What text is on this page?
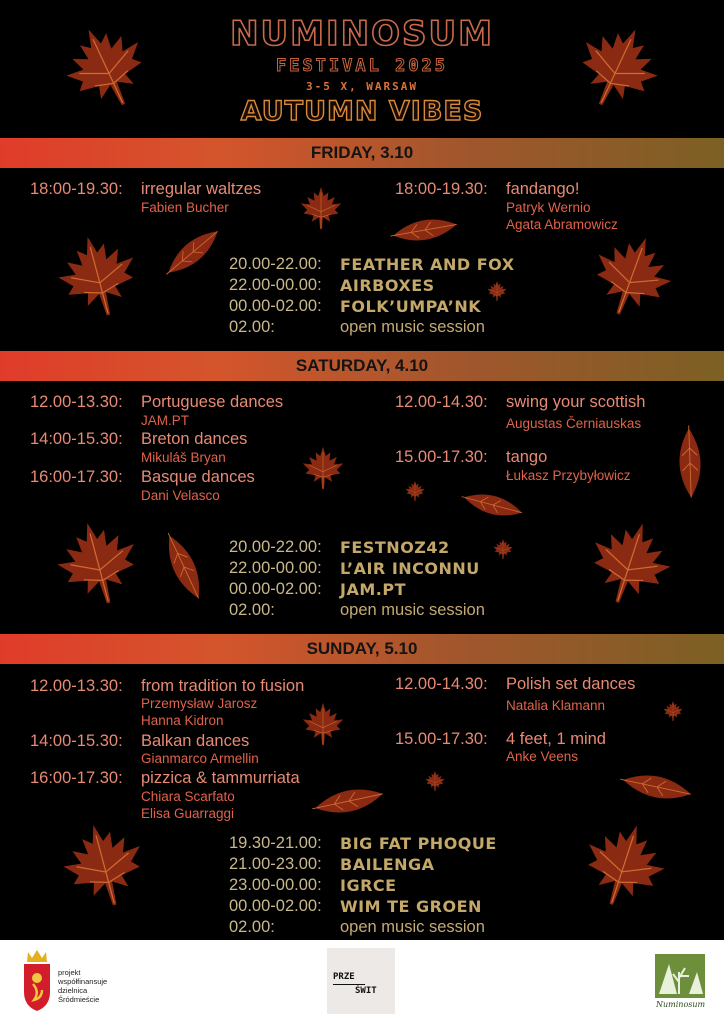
NUMINOSUM
FESTIVAL 2025
3-5 X, WARSAW
AUTUMN VIBES
FRIDAY, 3.10
18:00-19.30: irregular waltzes
Fabien Bucher
18:00-19.30: fandango!
Patryk Wernio
Agata Abramowicz
20.00-22.00: FEATHER AND FOX
22.00-00.00: AIRBOXES
00.00-02.00: FOLK’UMPA’NK
02.00:	open music session
SATURDAY, 4.10
12.00-13.30: Portuguese dances
JAM.PT
14:00-15.30: Breton dances
Mikuláš Bryan
16:00-17.30: Basque dances
Dani Velasco
12.00-14.30: swing your scottish
Augustas Černiauskas
15.00-17.30: tango
Łukasz Przybyłowicz
20.00-22.00: FESTNOZ42
22.00-00.00: L’AIR INCONNU
00.00-02.00: JAM.PT
02.00:	open music session
SUNDAY, 5.10
12.00-13.30: from tradition to fusion
Przemysław Jarosz
Hanna Kidron
14:00-15.30: Balkan dances
Gianmarco Armellin
16:00-17.30: pizzica & tammurriata
Chiara Scarfato
Elisa Guarraggi
12.00-14.30: Polish set dances
Natalia Klamann
15.00-17.30: 4 feet, 1 mind
Anke Veens
19.30-21.00: BIG FAT PHOQUE
21.00-23.00: BAILENGA
23.00-00.00: IGRCE
00.00-02.00: WIM TE GROEN
02.00:	open music session
projekt
współfinansuje
dzielnica
Śródmieście
PRZE
ŚWIT
Numinosum
